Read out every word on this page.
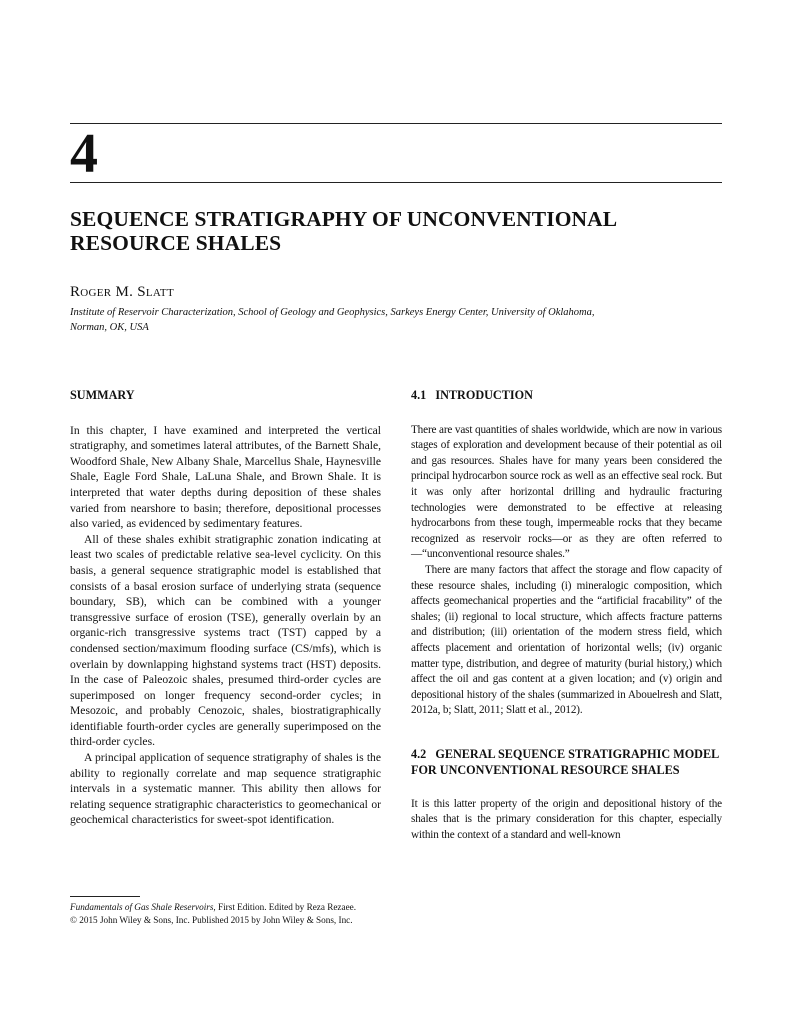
4
SEQUENCE STRATIGRAPHY OF UNCONVENTIONAL RESOURCE SHALES
Roger M. Slatt
Institute of Reservoir Characterization, School of Geology and Geophysics, Sarkeys Energy Center, University of Oklahoma, Norman, OK, USA
SUMMARY

In this chapter, I have examined and interpreted the vertical stratigraphy, and sometimes lateral attributes, of the Barnett Shale, Woodford Shale, New Albany Shale, Marcellus Shale, Haynesville Shale, Eagle Ford Shale, LaLuna Shale, and Brown Shale. It is interpreted that water depths during deposition of these shales varied from nearshore to basin; therefore, depositional processes also varied, as evidenced by sedimentary features.

All of these shales exhibit stratigraphic zonation indicating at least two scales of predictable relative sea-level cyclicity. On this basis, a general sequence stratigraphic model is established that consists of a basal erosion surface of underlying strata (sequence boundary, SB), which can be combined with a younger transgressive surface of erosion (TSE), generally overlain by an organic-rich transgressive systems tract (TST) capped by a condensed section/maximum flooding surface (CS/mfs), which is overlain by downlapping highstand systems tract (HST) deposits. In the case of Paleozoic shales, presumed third-order cycles are superimposed on longer frequency second-order cycles; in Mesozoic, and probably Cenozoic, shales, biostratigraphically identifiable fourth-order cycles are generally superimposed on the third-order cycles.

A principal application of sequence stratigraphy of shales is the ability to regionally correlate and map sequence stratigraphic intervals in a systematic manner. This ability then allows for relating sequence stratigraphic characteristics to geomechanical or geochemical characteristics for sweet-spot identification.

4.1   INTRODUCTION

There are vast quantities of shales worldwide, which are now in various stages of exploration and development because of their potential as oil and gas resources. Shales have for many years been considered the principal hydrocarbon source rock as well as an effective seal rock. But it was only after horizontal drilling and hydraulic fracturing technologies were demonstrated to be effective at releasing hydrocarbons from these tough, impermeable rocks that they became recognized as reservoir rocks—or as they are often referred to—“unconventional resource shales.”

There are many factors that affect the storage and flow capacity of these resource shales, including (i) mineralogic composition, which affects geomechanical properties and the “artificial fracability” of the shales; (ii) regional to local structure, which affects fracture patterns and distribution; (iii) orientation of the modern stress field, which affects placement and orientation of horizontal wells; (iv) organic matter type, distribution, and degree of maturity (burial history,) which affect the oil and gas content at a given location; and (v) origin and depositional history of the shales (summarized in Abouelresh and Slatt, 2012a, b; Slatt, 2011; Slatt et al., 2012).

4.2   GENERAL SEQUENCE STRATIGRAPHIC MODEL FOR UNCONVENTIONAL RESOURCE SHALES

It is this latter property of the origin and depositional history of the shales that is the primary consideration for this chapter, especially within the context of a standard and well-known

Fundamentals of Gas Shale Reservoirs, First Edition. Edited by Reza Rezaee.
© 2015 John Wiley & Sons, Inc. Published 2015 by John Wiley & Sons, Inc.
